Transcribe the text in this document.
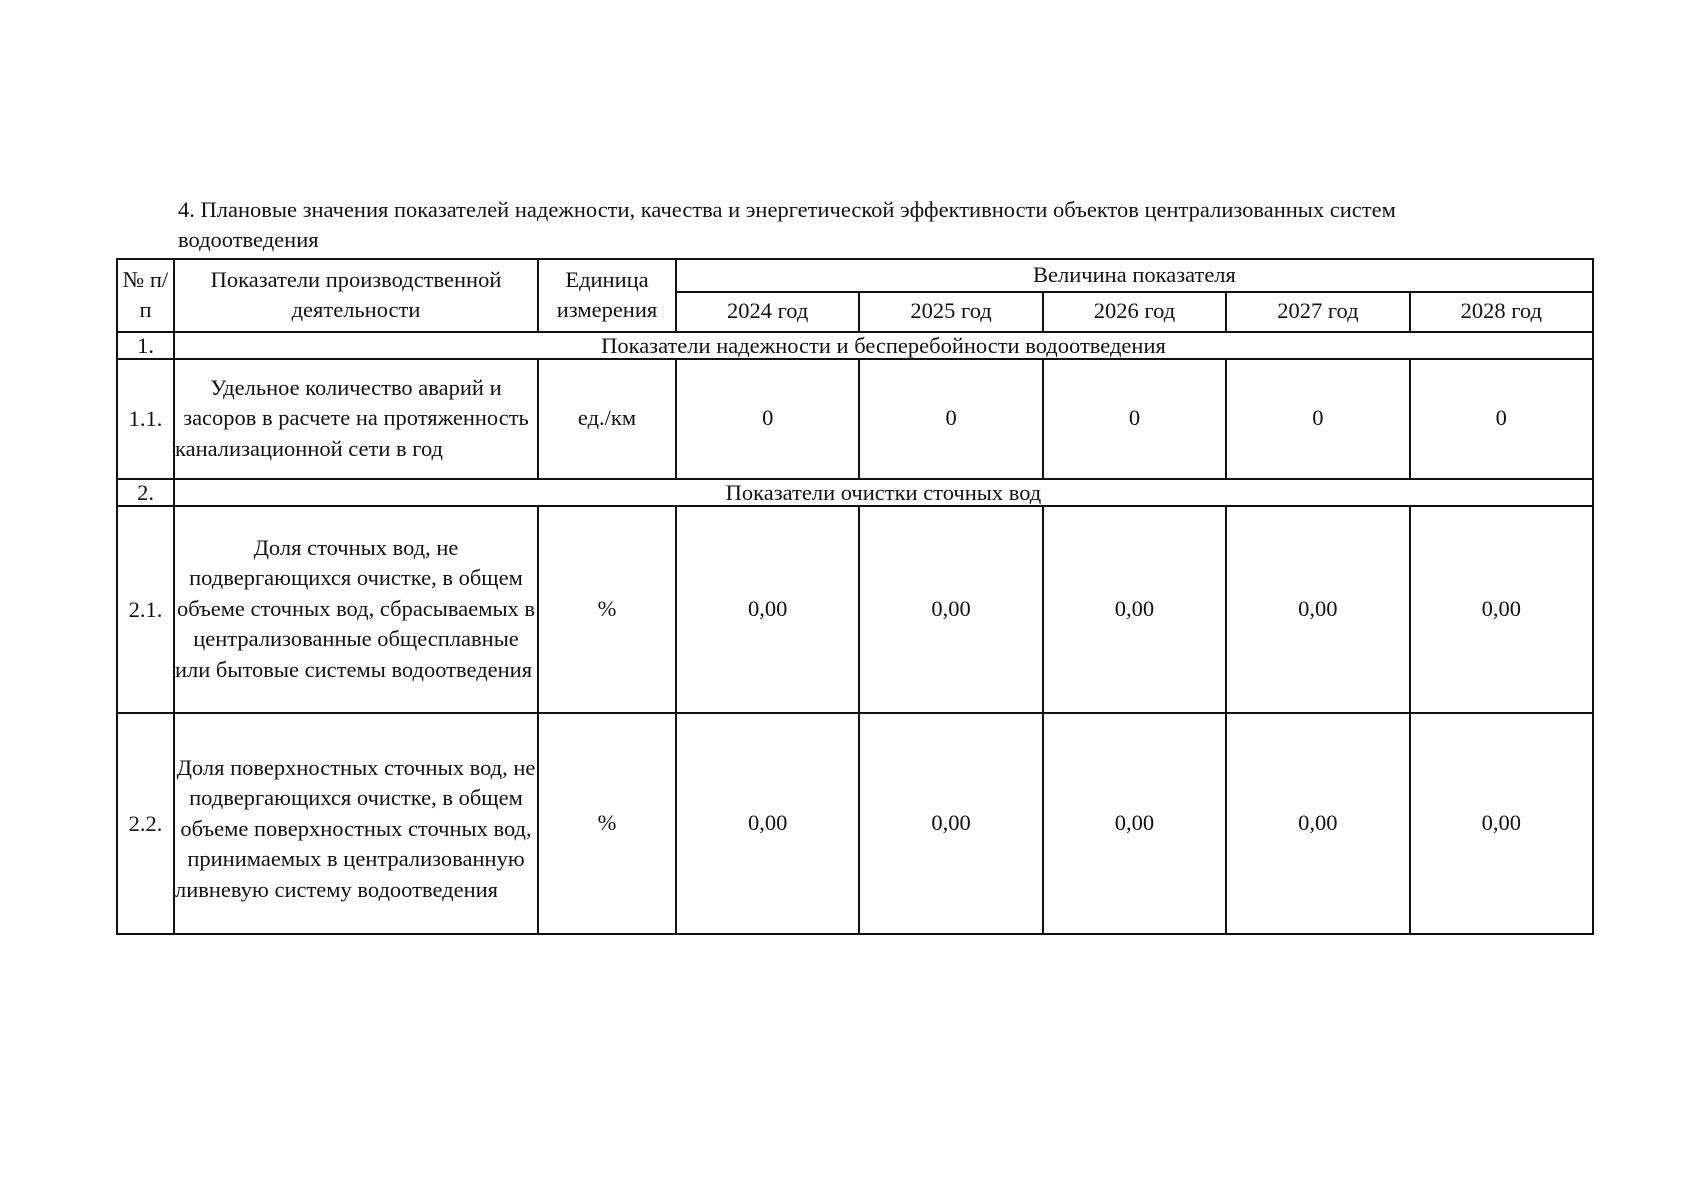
4. Плановые значения показателей надежности, качества и энергетической эффективности объектов централизованных систем водоотведения
№ п/п	Показатели производственной деятельности	Единица измерения	Величина показателя				
			2024 год	2025 год	2026 год	2027 год	2028 год
1.	Показатели надежности и бесперебойности водоотведения						

1.1.	Удельное количество аварий и засоров в расчете на протяженность канализационной сети в год	ед./км	0	0	0	0	0
2.	Показатели очистки сточных вод						

2.1.	Доля сточных вод, не подвергающихся очистке, в общем объеме сточных вод, сбрасываемых в централизованные общесплавные или бытовые системы водоотведения	%	0,00	0,00	0,00	0,00	0,00

2.2.	Доля поверхностных сточных вод, не подвергающихся очистке, в общем объеме поверхностных сточных вод, принимаемых в централизованную ливневую систему водоотведения	%	0,00	0,00	0,00	0,00	0,00
